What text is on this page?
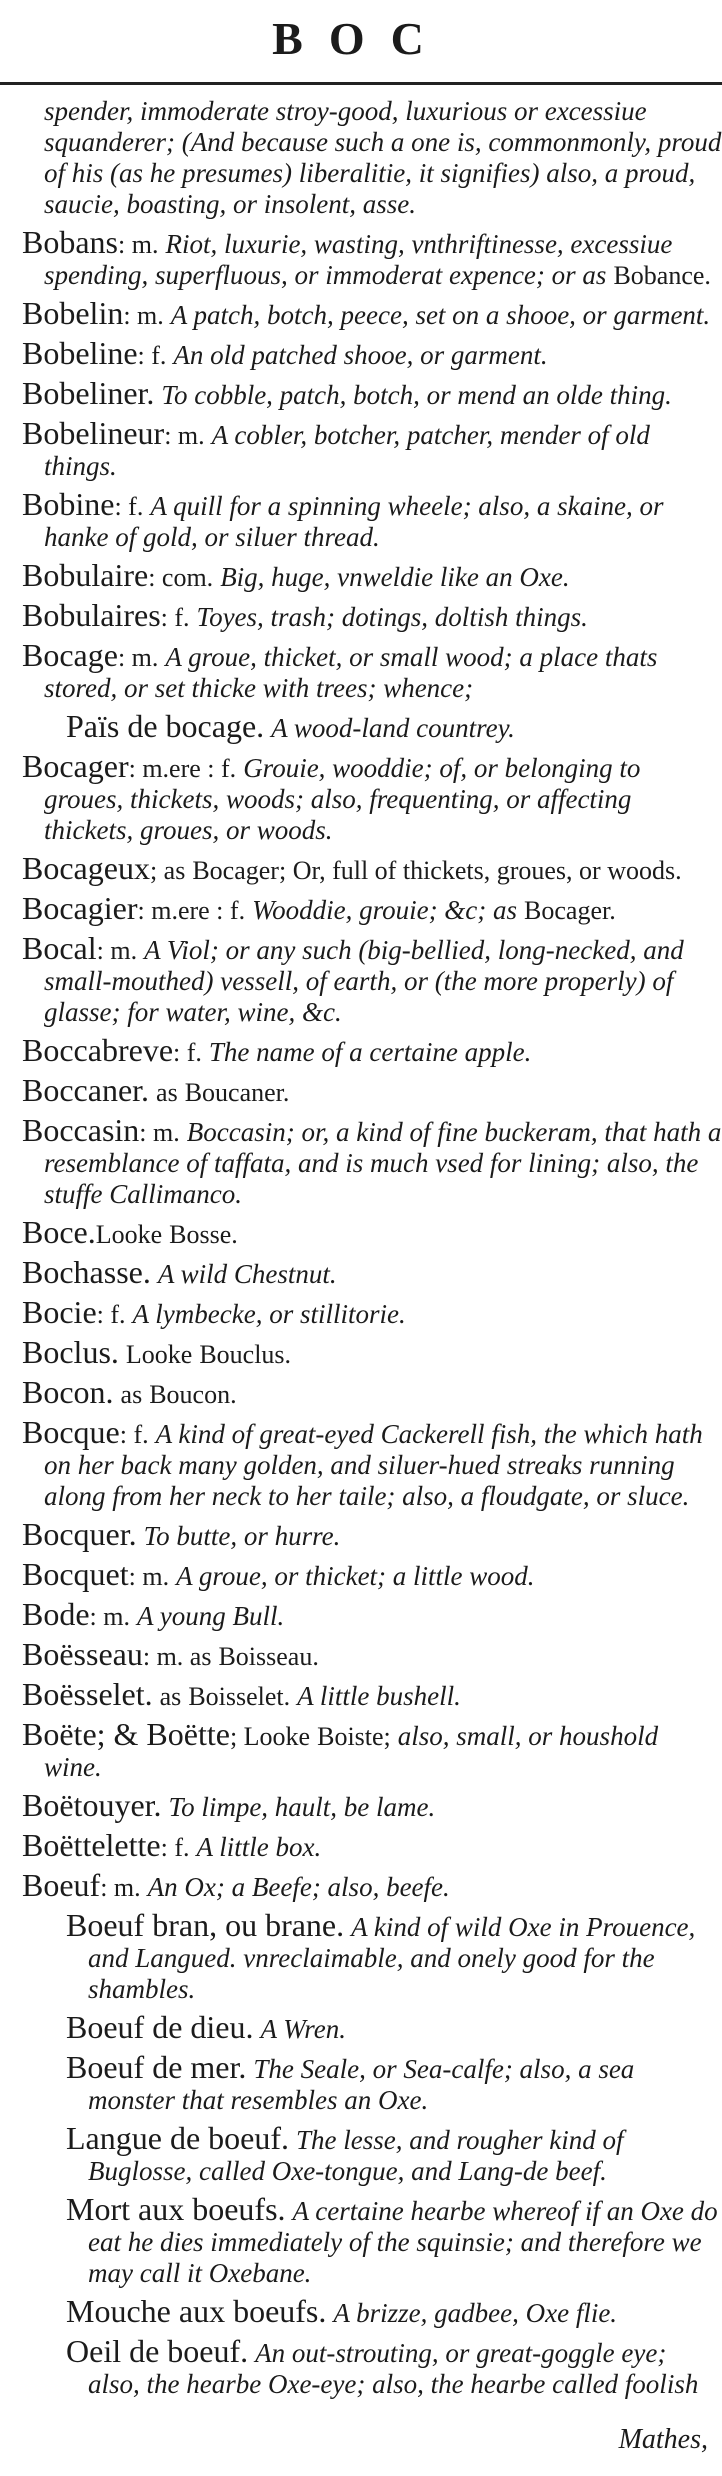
BOC

spender, immoderate stroy-good, luxurious or excessiue squanderer; (And because such a one is, commonmonly, proud of his (as he presumes) liberalitie, it signifies) also, a proud, saucie, boasting, or insolent, asse.

Bobans: m. Riot, luxurie, wasting, vnthriftinesse, excessiue spending, superfluous, or immoderat expence; or as Bobance.

Bobelin: m. A patch, botch, peece, set on a shooe, or garment.

Bobeline: f. An old patched shooe, or garment.

Bobeliner. To cobble, patch, botch, or mend an olde thing.

Bobelineur: m. A cobler, botcher, patcher, mender of old things.

Bobine: f. A quill for a spinning wheele; also, a skaine, or hanke of gold, or siluer thread.

Bobulaire: com. Big, huge, vnweldie like an Oxe.

Bobulaires: f. Toyes, trash; dotings, doltish things.

Bocage: m. A groue, thicket, or small wood; a place thats stored, or set thicke with trees; whence;

Païs de bocage. A wood-land countrey.

Bocager: m.ere : f. Grouie, wooddie; of, or belonging to groues, thickets, woods; also, frequenting, or affecting thickets, groues, or woods.

Bocageux; as Bocager; Or, full of thickets, groues, or woods.

Bocagier: m.ere : f. Wooddie, grouie; &c; as Bocager.

Bocal: m. A Viol; or any such (big-bellied, long-necked, and small-mouthed) vessell, of earth, or (the more properly) of glasse; for water, wine, &c.

Boccabreve: f. The name of a certaine apple.

Boccaner. as Boucaner.

Boccasin: m. Boccasin; or, a kind of fine buckeram, that hath a resemblance of taffata, and is much vsed for lining; also, the stuffe Callimanco.

Boce.Looke Bosse.

Bochasse. A wild Chestnut.

Bocie: f. A lymbecke, or stillitorie.

Boclus. Looke Bouclus.

Bocon. as Boucon.

Bocque: f. A kind of great-eyed Cackerell fish, the which hath on her back many golden, and siluer-hued streaks running along from her neck to her taile; also, a floudgate, or sluce.

Bocquer. To butte, or hurre.

Bocquet: m. A groue, or thicket; a little wood.

Bode: m. A young Bull.

Boësseau: m. as Boisseau.

Boësselet. as Boisselet. A little bushell.

Boëte; & Boëtte; Looke Boiste; also, small, or houshold wine.

Boëtouyer. To limpe, hault, be lame.

Boëttelette: f. A little box.

Boeuf: m. An Ox; a Beefe; also, beefe.

Boeuf bran, ou brane. A kind of wild Oxe in Prouence, and Langued. vnreclaimable, and onely good for the shambles.

Boeuf de dieu. A Wren.

Boeuf de mer. The Seale, or Sea-calfe; also, a sea monster that resembles an Oxe.

Langue de boeuf. The lesse, and rougher kind of Buglosse, called Oxe-tongue, and Lang-de beef.

Mort aux boeufs. A certaine hearbe whereof if an Oxe do eat he dies immediately of the squinsie; and therefore we may call it Oxebane.

Mouche aux boeufs. A brizze, gadbee, Oxe flie.

Oeil de boeuf. An out-strouting, or great-goggle eye; also, the hearbe Oxe-eye; also, the hearbe called foolish

Mathes,
